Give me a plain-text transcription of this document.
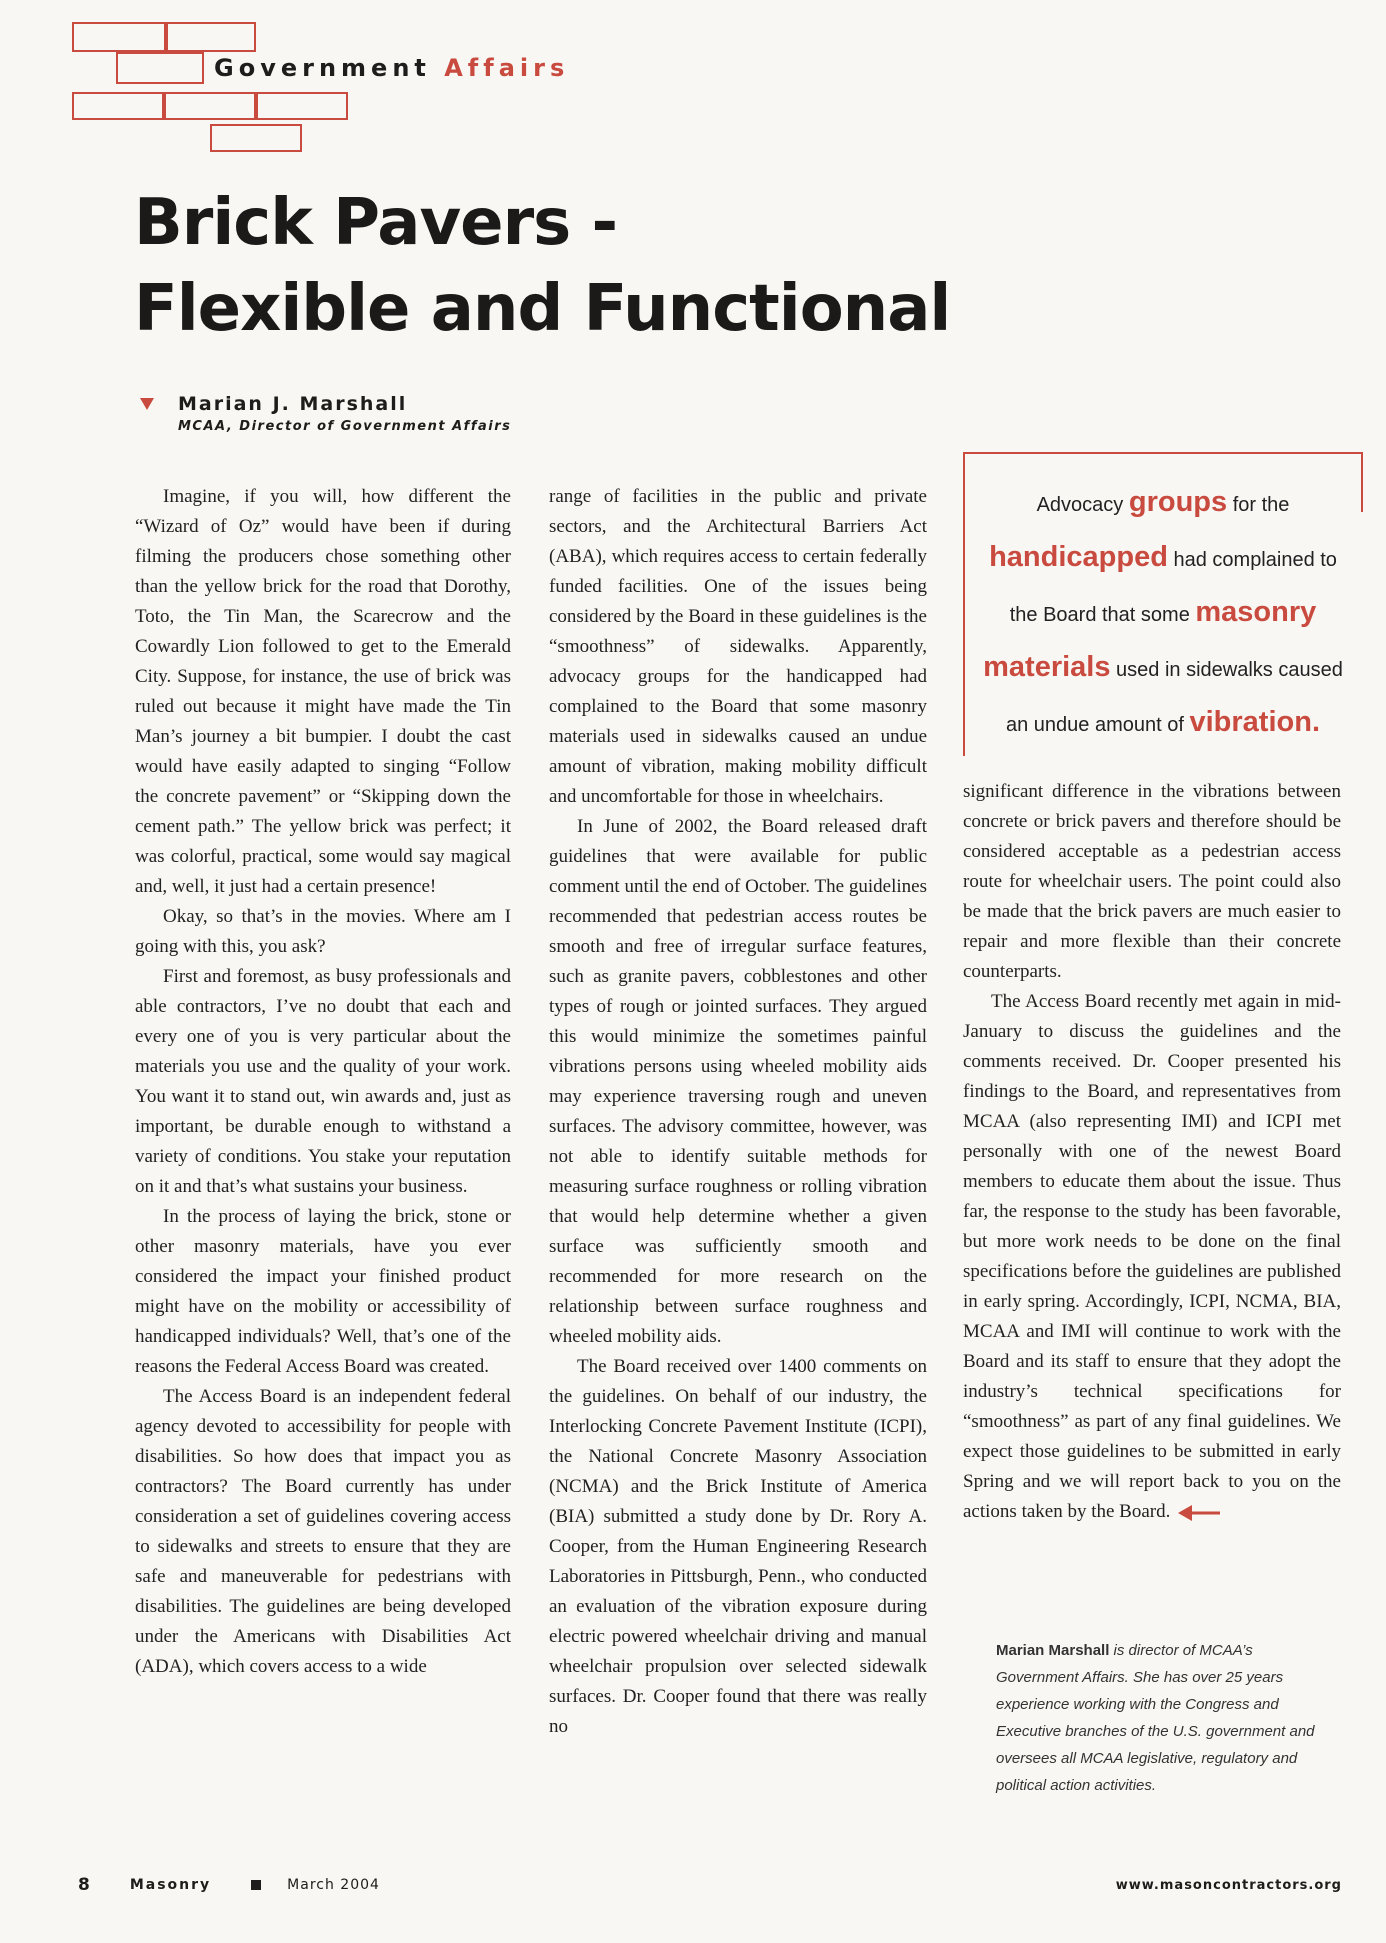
Government Affairs
Brick Pavers -
Flexible and Functional
Marian J. Marshall
MCAA, Director of Government Affairs

Imagine, if you will, how different the “Wizard of Oz” would have been if during filming the producers chose something other than the yellow brick for the road that Dorothy, Toto, the Tin Man, the Scarecrow and the Cowardly Lion followed to get to the Emerald City. Suppose, for instance, the use of brick was ruled out because it might have made the Tin Man’s journey a bit bumpier. I doubt the cast would have easily adapted to singing “Follow the concrete pavement” or “Skipping down the cement path.” The yellow brick was perfect; it was colorful, practical, some would say magical and, well, it just had a certain presence!

Okay, so that’s in the movies. Where am I going with this, you ask?

First and foremost, as busy professionals and able contractors, I’ve no doubt that each and every one of you is very particular about the materials you use and the quality of your work. You want it to stand out, win awards and, just as important, be durable enough to withstand a variety of conditions. You stake your reputation on it and that’s what sustains your business.

In the process of laying the brick, stone or other masonry materials, have you ever considered the impact your finished product might have on the mobility or accessibility of handicapped individuals? Well, that’s one of the reasons the Federal Access Board was created.

The Access Board is an independent federal agency devoted to accessibility for people with disabilities. So how does that impact you as contractors? The Board currently has under consideration a set of guidelines covering access to sidewalks and streets to ensure that they are safe and maneuverable for pedestrians with disabilities. The guidelines are being developed under the Americans with Disabilities Act (ADA), which covers access to a wide

range of facilities in the public and private sectors, and the Architectural Barriers Act (ABA), which requires access to certain federally funded facilities. One of the issues being considered by the Board in these guidelines is the “smoothness” of sidewalks. Apparently, advocacy groups for the handicapped had complained to the Board that some masonry materials used in sidewalks caused an undue amount of vibration, making mobility difficult and uncomfortable for those in wheelchairs.

In June of 2002, the Board released draft guidelines that were available for public comment until the end of October. The guidelines recommended that pedestrian access routes be smooth and free of irregular surface features, such as granite pavers, cobblestones and other types of rough or jointed surfaces. They argued this would minimize the sometimes painful vibrations persons using wheeled mobility aids may experience traversing rough and uneven surfaces. The advisory committee, however, was not able to identify suitable methods for measuring surface roughness or rolling vibration that would help determine whether a given surface was sufficiently smooth and recommended for more research on the relationship between surface roughness and wheeled mobility aids.

The Board received over 1400 comments on the guidelines. On behalf of our industry, the Interlocking Concrete Pavement Institute (ICPI), the National Concrete Masonry Association (NCMA) and the Brick Institute of America (BIA) submitted a study done by Dr. Rory A. Cooper, from the Human Engineering Research Laboratories in Pittsburgh, Penn., who conducted an evaluation of the vibration exposure during electric powered wheelchair driving and manual wheelchair propulsion over selected sidewalk surfaces. Dr. Cooper found that there was really no

Advocacy groups for the
handicapped had complained to
the Board that some masonry
materials used in sidewalks caused
an undue amount of vibration.

significant difference in the vibrations between concrete or brick pavers and therefore should be considered acceptable as a pedestrian access route for wheelchair users. The point could also be made that the brick pavers are much easier to repair and more flexible than their concrete counterparts.

The Access Board recently met again in mid-January to discuss the guidelines and the comments received. Dr. Cooper presented his findings to the Board, and representatives from MCAA (also representing IMI) and ICPI met personally with one of the newest Board members to educate them about the issue. Thus far, the response to the study has been favorable, but more work needs to be done on the final specifications before the guidelines are published in early spring. Accordingly, ICPI, NCMA, BIA, MCAA and IMI will continue to work with the Board and its staff to ensure that they adopt the industry’s technical specifications for “smoothness” as part of any final guidelines. We expect those guidelines to be submitted in early Spring and we will report back to you on the actions taken by the Board.

Marian Marshall is director of MCAA’s Government Affairs. She has over 25 years experience working with the Congress and Executive branches of the U.S. government and oversees all MCAA legislative, regulatory and political action activities.
8	Masonry	March 2004	www.masoncontractors.org
